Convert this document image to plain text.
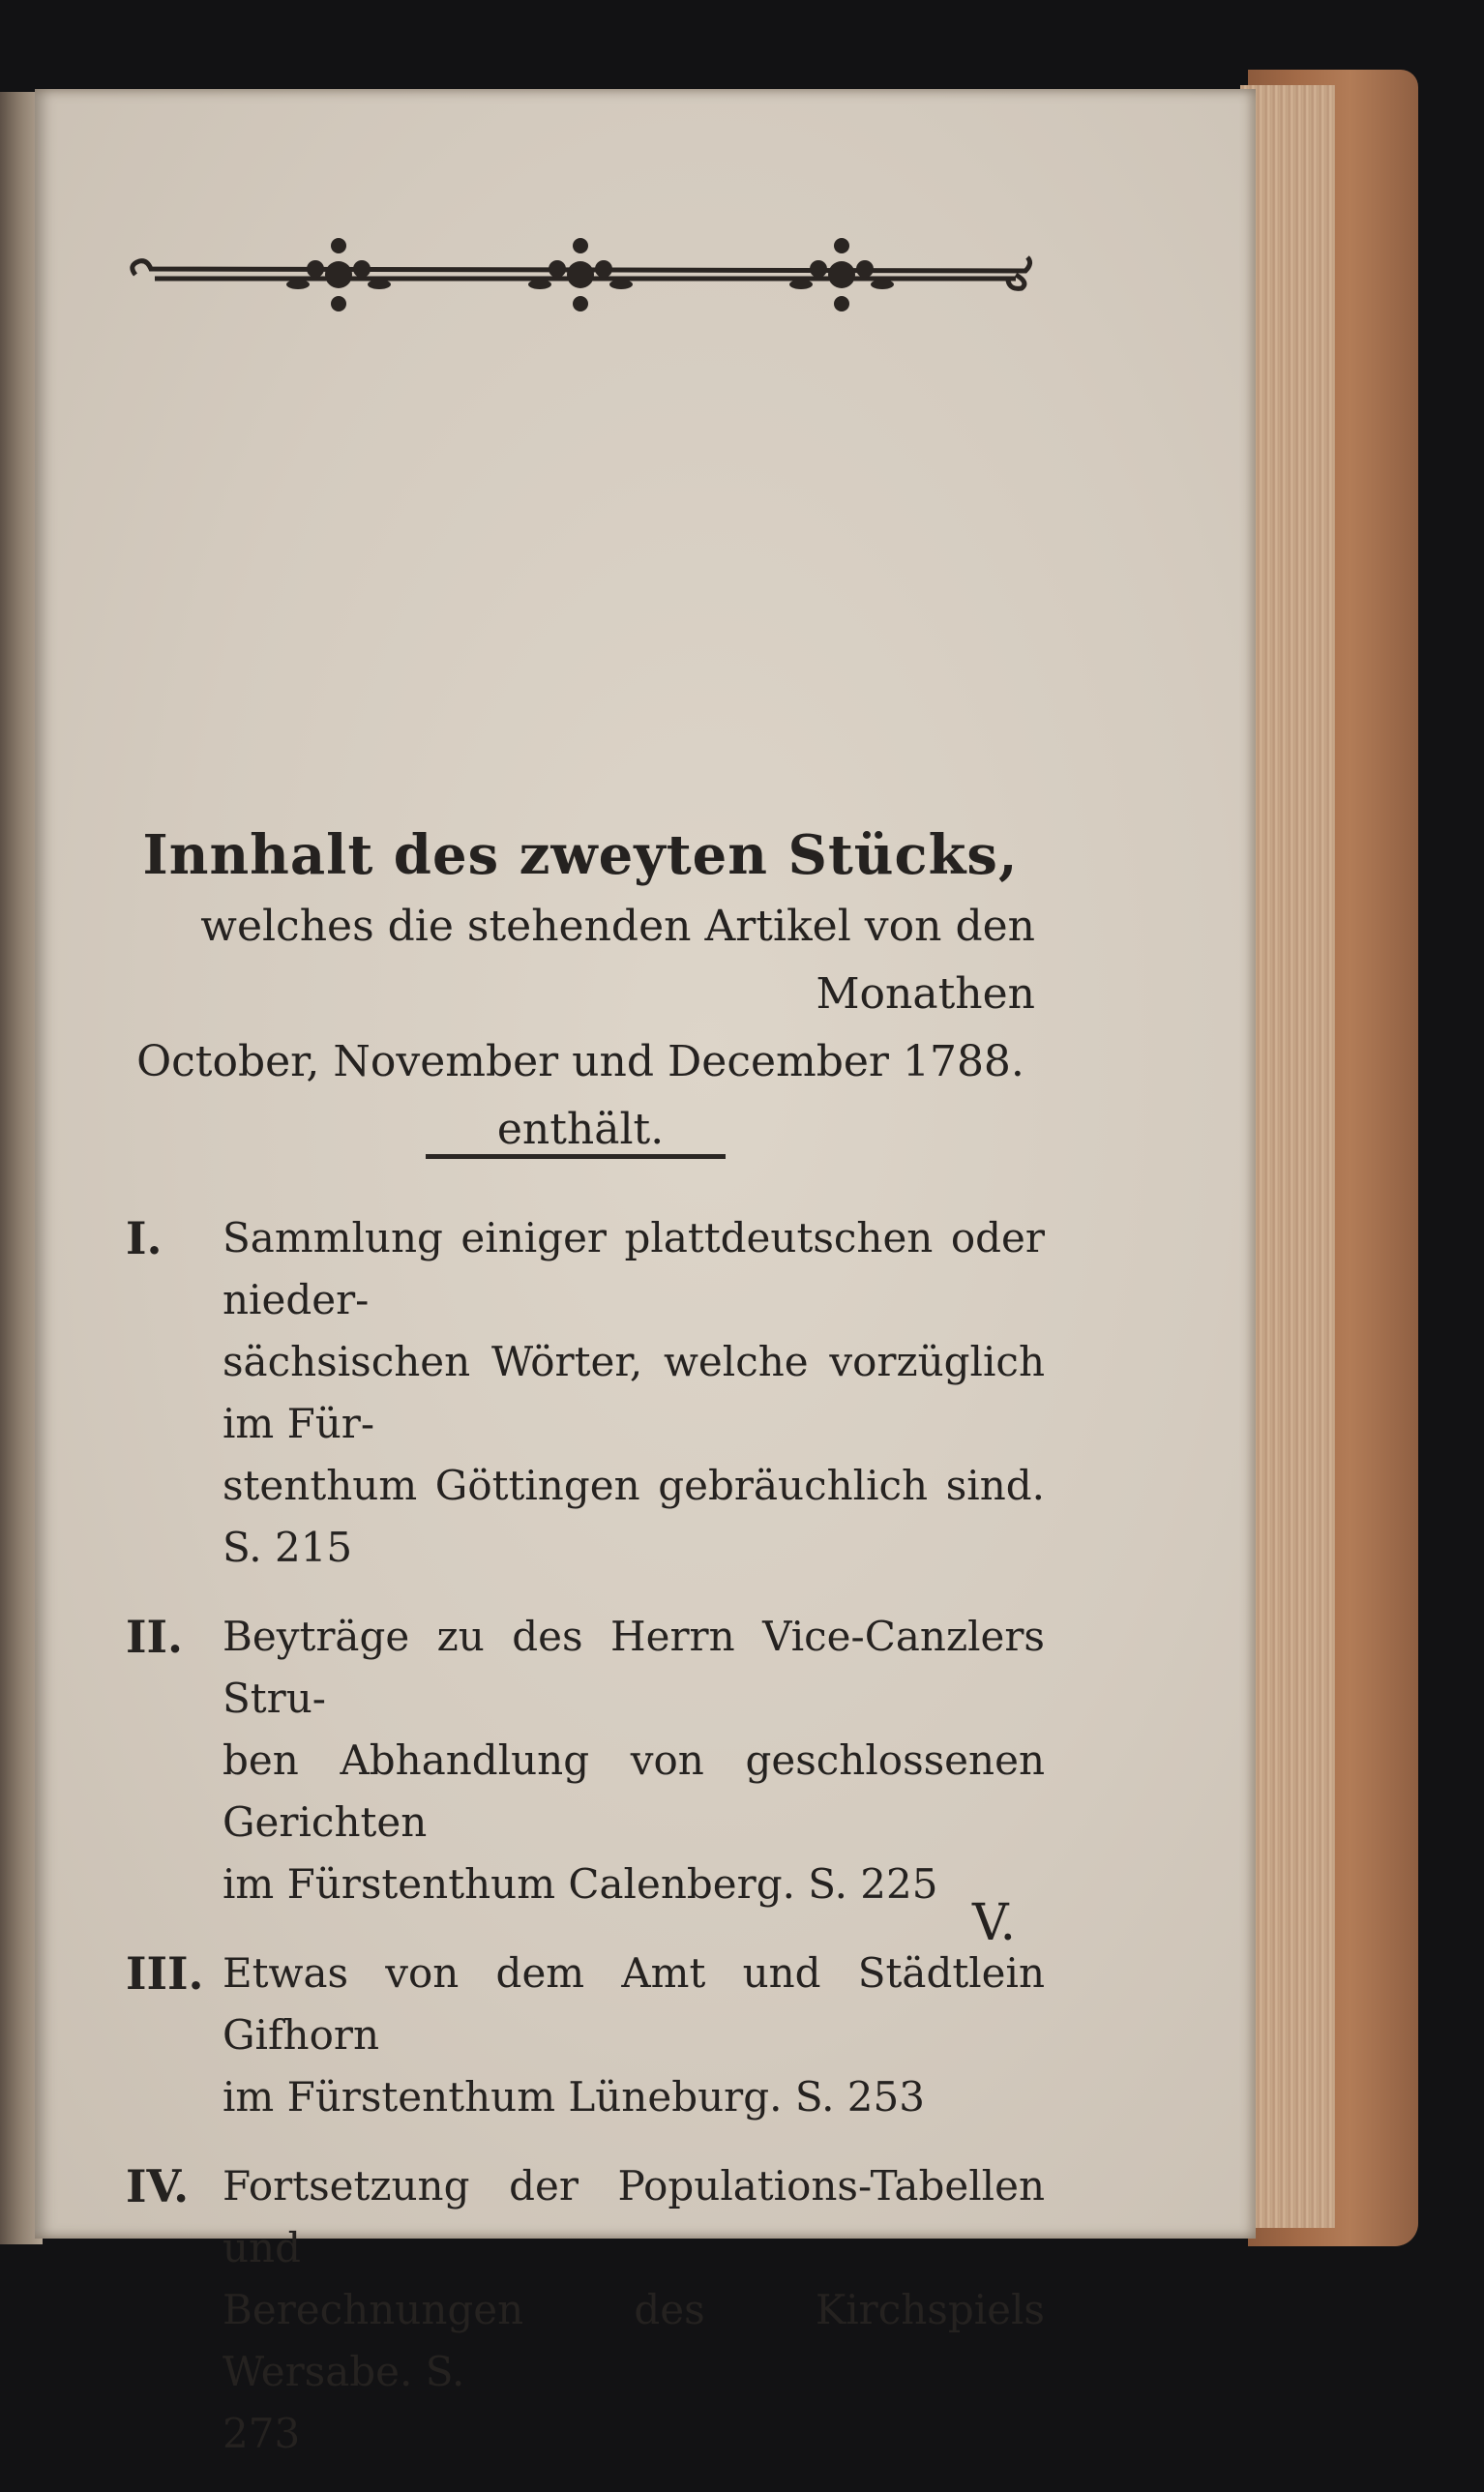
Innhalt des zweyten Stücks,

welches die stehenden Artikel von den Monathen

October, November und December 1788.

enthält.

I. Sammlung einiger plattdeutschen oder nieder-
sächsischen Wörter, welche vorzüglich im Für-
stenthum Göttingen gebräuchlich sind. S. 215
II. Beyträge zu des Herrn Vice-Canzlers Stru-
ben Abhandlung von geschlossenen Gerichten
im Fürstenthum Calenberg. S. 225
III. Etwas von dem Amt und Städtlein Gifhorn
im Fürstenthum Lüneburg. S. 253
IV. Fortsetzung der Populations-Tabellen und
Berechnungen des Kirchspiels Wersabe. S.
273
V.
